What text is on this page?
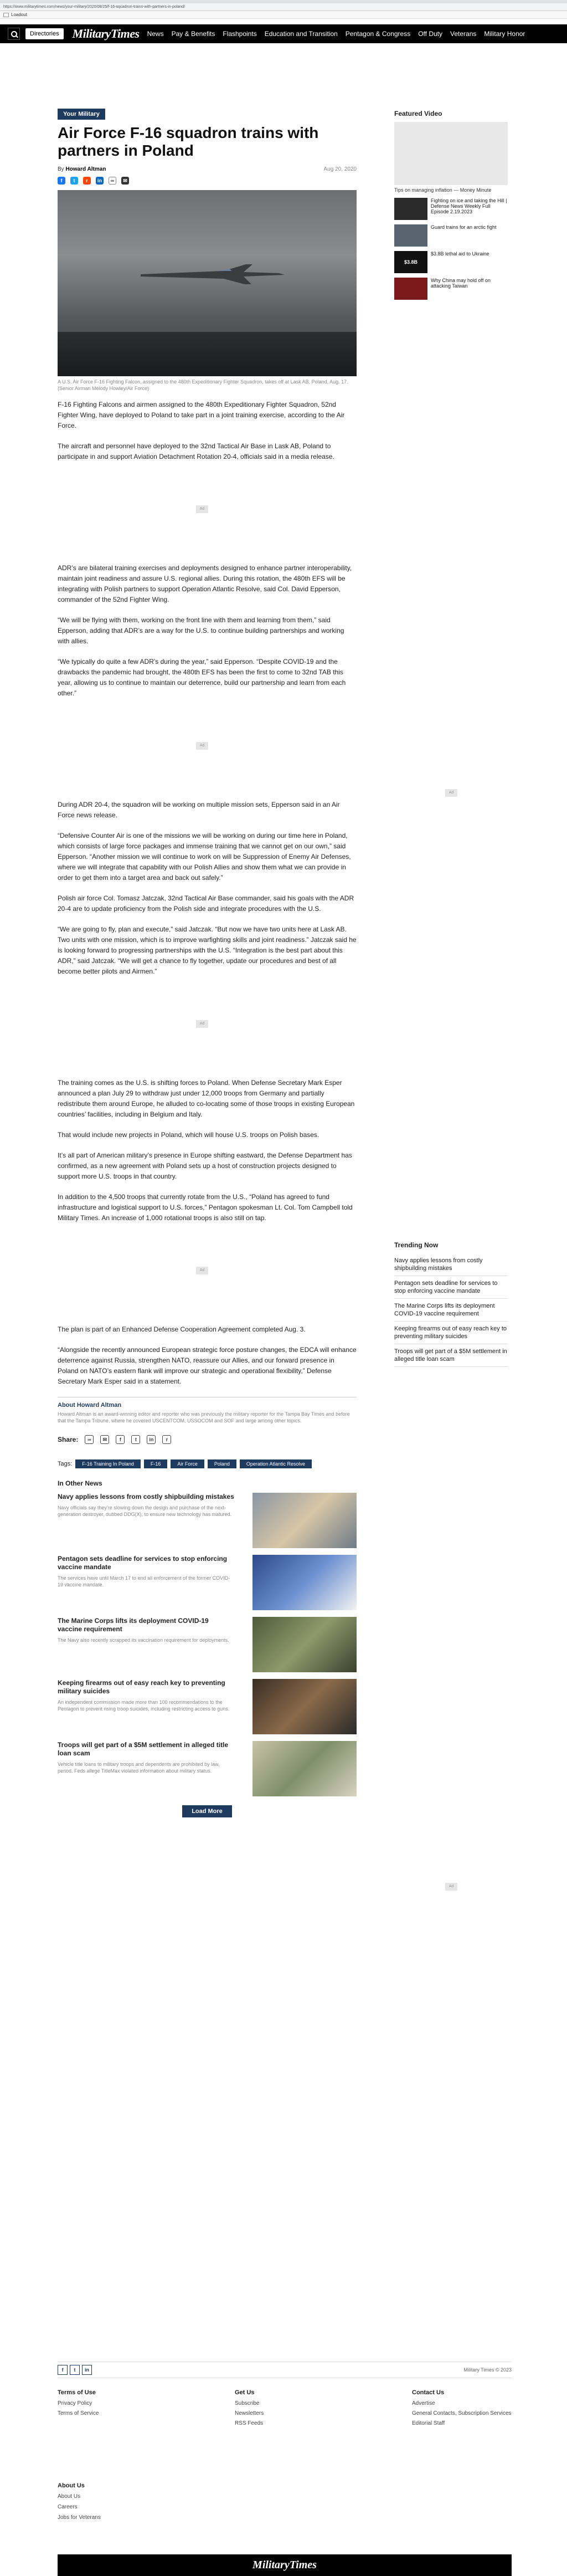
https://www.militarytimes.com/news/your-military/2020/08/25/f-16-squadron-trains-with-partners-in-poland/
Loadout
Directories	MilitaryTimes News Pay & Benefits Flashpoints Education and Transition Pentagon & Congress Off Duty Veterans Military Honor
Your Military
Air Force F-16 squadron trains with partners in Poland
By Howard Altman	Aug 20, 2020
f	t	r	in	∞	✉
A U.S. Air Force F-16 Fighting Falcon, assigned to the 480th Expeditionary Fighter Squadron, takes off at Lask AB, Poland, Aug. 17. (Senior Airman Melody Howley/Air Force)

F-16 Fighting Falcons and airmen assigned to the 480th Expeditionary Fighter Squadron, 52nd Fighter Wing, have deployed to Poland to take part in a joint training exercise, according to the Air Force.

The aircraft and personnel have deployed to the 32nd Tactical Air Base in Lask AB, Poland to participate in and support Aviation Detachment Rotation 20-4, officials said in a media release.

Ad

ADR’s are bilateral training exercises and deployments designed to enhance partner interoperability, maintain joint readiness and assure U.S. regional allies. During this rotation, the 480th EFS will be integrating with Polish partners to support Operation Atlantic Resolve, said Col. David Epperson, commander of the 52nd Fighter Wing.

“We will be flying with them, working on the front line with them and learning from them,” said Epperson, adding that ADR’s are a way for the U.S. to continue building partnerships and working with allies.

“We typically do quite a few ADR’s during the year,” said Epperson. “Despite COVID-19 and the drawbacks the pandemic had brought, the 480th EFS has been the first to come to 32nd TAB this year, allowing us to continue to maintain our deterrence, build our partnership and learn from each other.”

Ad

During ADR 20-4, the squadron will be working on multiple mission sets, Epperson said in an Air Force news release.

“Defensive Counter Air is one of the missions we will be working on during our time here in Poland, which consists of large force packages and immense training that we cannot get on our own,” said Epperson. “Another mission we will continue to work on will be Suppression of Enemy Air Defenses, where we will integrate that capability with our Polish Allies and show them what we can provide in order to get them into a target area and back out safely.”

Polish air force Col. Tomasz Jatczak, 32nd Tactical Air Base commander, said his goals with the ADR 20-4 are to update proficiency from the Polish side and integrate procedures with the U.S.

“We are going to fly, plan and execute,” said Jatczak. “But now we have two units here at Lask AB. Two units with one mission, which is to improve warfighting skills and joint readiness.” Jatczak said he is looking forward to progressing partnerships with the U.S. “Integration is the best part about this ADR,” said Jatczak. “We will get a chance to fly together, update our procedures and best of all become better pilots and Airmen.”

Ad

The training comes as the U.S. is shifting forces to Poland. When Defense Secretary Mark Esper announced a plan July 29 to withdraw just under 12,000 troops from Germany and partially redistribute them around Europe, he alluded to co-locating some of those troops in existing European countries’ facilities, including in Belgium and Italy.

That would include new projects in Poland, which will house U.S. troops on Polish bases.

It’s all part of American military’s presence in Europe shifting eastward, the Defense Department has confirmed, as a new agreement with Poland sets up a host of construction projects designed to support more U.S. troops in that country.

In addition to the 4,500 troops that currently rotate from the U.S., “Poland has agreed to fund infrastructure and logistical support to U.S. forces,” Pentagon spokesman Lt. Col. Tom Campbell told Military Times. An increase of 1,000 rotational troops is also still on tap.

Ad

The plan is part of an Enhanced Defense Cooperation Agreement completed Aug. 3.

“Alongside the recently announced European strategic force posture changes, the EDCA will enhance deterrence against Russia, strengthen NATO, reassure our Allies, and our forward presence in Poland on NATO’s eastern flank will improve our strategic and operational flexibility,” Defense Secretary Mark Esper said in a statement.

About Howard Altman
Howard Altman is an award-winning editor and reporter who was previously the military reporter for the Tampa Bay Times and before that the Tampa Tribune, where he covered USCENTCOM, USSOCOM and SOF and large among other topics.
Share:	∞	✉	f	t	in	r
Tags:	F-16 Training In Poland	F-16	Air Force	Poland	Operation Atlantic Resolve
In Other News
Navy applies lessons from costly shipbuilding mistakes
Navy officials say they’re slowing down the design and purchase of the next-generation destroyer, dubbed DDG(X), to ensure new technology has matured.
Pentagon sets deadline for services to stop enforcing vaccine mandate
The services have until March 17 to end all enforcement of the former COVID-19 vaccine mandate.
The Marine Corps lifts its deployment COVID-19 vaccine requirement
The Navy also recently scrapped its vaccination requirement for deployments.
Keeping firearms out of easy reach key to preventing military suicides
An independent commission made more than 100 recommendations to the Pentagon to prevent rising troop suicides, including restricting access to guns.
Troops will get part of a $5M settlement in alleged title loan scam
Vehicle title loans to military troops and dependents are prohibited by law, period. Feds allege TitleMax violated information about military status.
Load More
Featured Video
Tips on managing inflation — Money Minute
Fighting on ice and taking the Hill | Defense News Weekly Full Episode 2.19.2023
Guard trains for an arctic fight
$3.8B
$3.8B lethal aid to Ukraine
Why China may hold off on attacking Taiwan
Ad
Trending Now
Navy applies lessons from costly shipbuilding mistakes
Pentagon sets deadline for services to stop enforcing vaccine mandate
The Marine Corps lifts its deployment COVID-19 vaccine requirement
Keeping firearms out of easy reach key to preventing military suicides
Troops will get part of a $5M settlement in alleged title loan scam
Ad
f	t	in	Military Times © 2023
Terms of Use
Privacy Policy
Terms of Service
Get Us
Subscribe
Newsletters
RSS Feeds
Contact Us
Advertise
General Contacts, Subscription Services
Editorial Staff
About Us
About Us
Careers
Jobs for Veterans
MilitaryTimes
